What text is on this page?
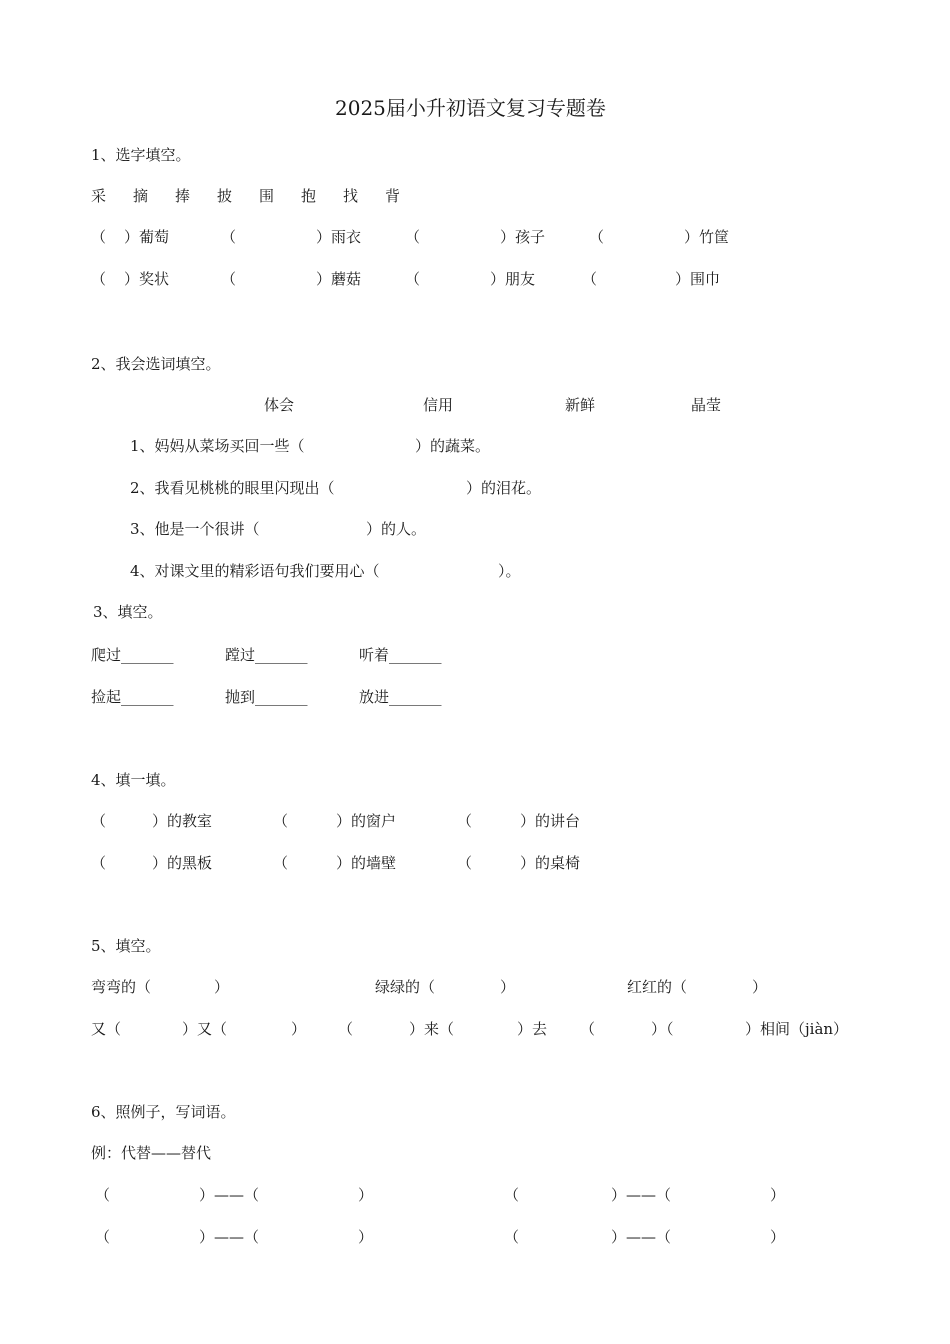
2025届小升初语文复习专题卷
1、选字填空。
采 摘 捧 披 围 抱 找 背
（ ）葡萄	（	）雨衣	（	）孩子	（	）竹筐
（ ）奖状	（	）蘑菇	（	）朋友	（	）围巾
2、我会选词填空。
体会	信用	新鲜	晶莹
1、妈妈从菜场买回一些（	）的蔬菜。
2、我看见桃桃的眼里闪现出（	）的泪花。
3、他是一个很讲（	）的人。
4、对课文里的精彩语句我们要用心（	）。
3、填空。
爬过_______	蹚过_______	听着_______
捡起_______	抛到_______	放进_______
4、填一填。
（	）的教室	（	）的窗户	（	）的讲台
（	）的黑板	（	）的墙壁	（	）的桌椅
5、填空。
弯弯的（	）	绿绿的（	）	红红的（	）
又（	）又（	） （	）来（	）去 （	）（	）相间（jiàn）
6、照例子，写词语。
例：代替——替代
（	）——（	）	（	）——（	）
（	）——（	）	（	）——（	）
